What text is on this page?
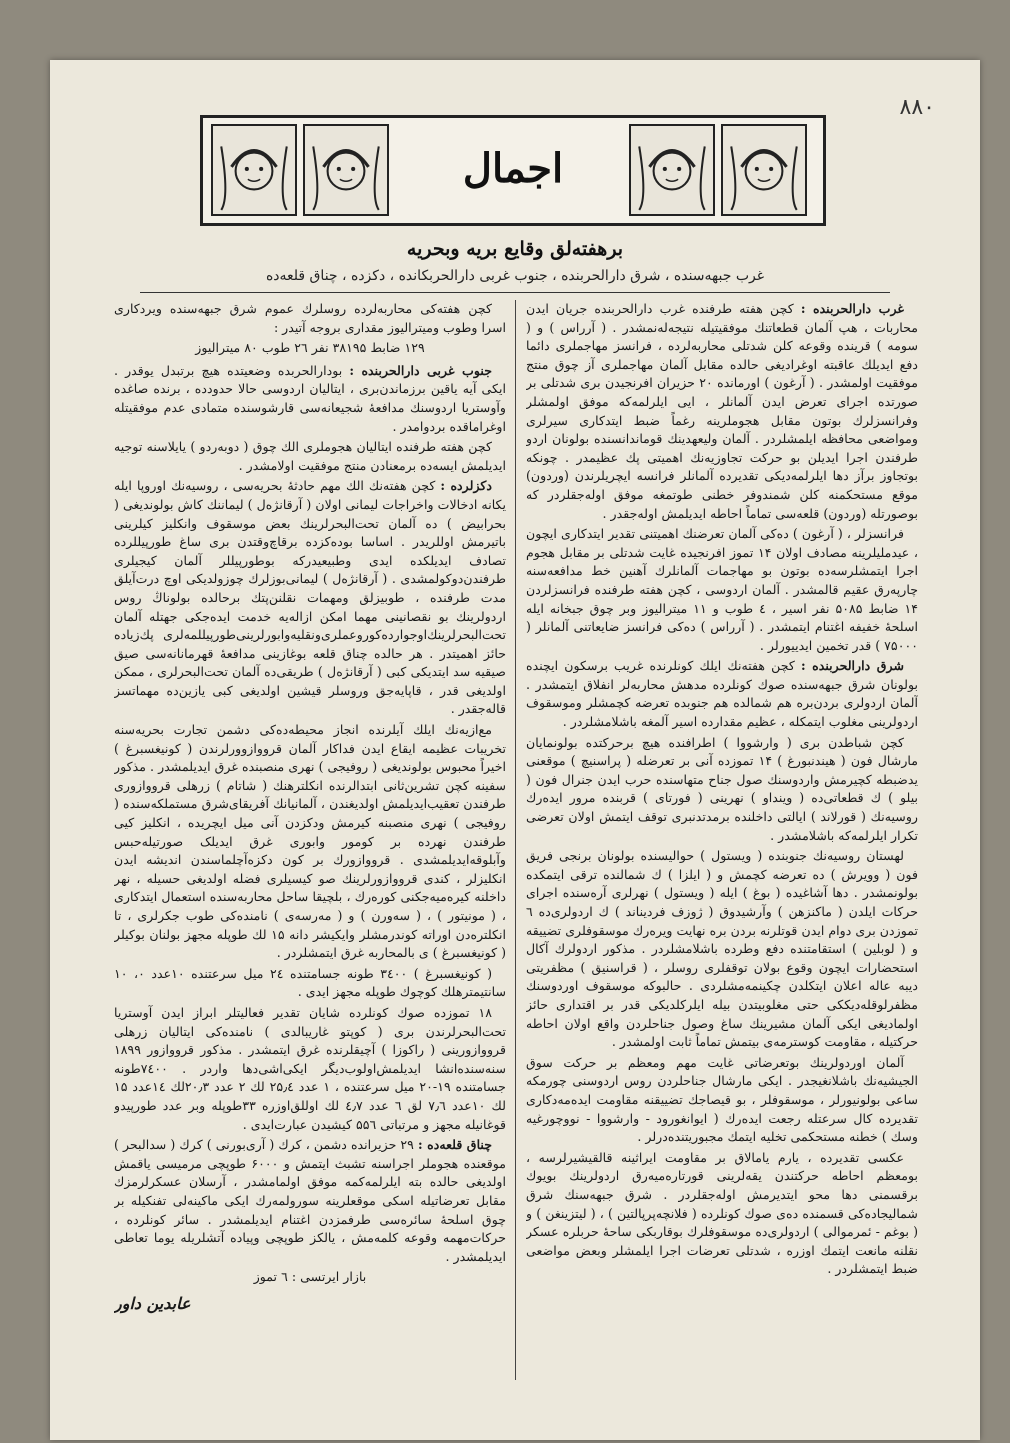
۸۸۰
اجمال
برهفته‌لق وقایع بریه وبحریه
غرب جبهه‌سنده ، شرق دارالحربنده ، جنوب غربی دارالحربکانده ، دکزده ، چناق قلعه‌ده

غرب دارالحربنده : کچن هفته طرفنده غرب دارالحربنده جریان ایدن محاربات ، هپ آلمان قطعاتنك موفقیتیله نتیجه‌له‌نمشدر . ( آرراس ) و ( سومه ) قرینده وقوعه کلن شدتلی محاربه‌لرده ، فرانسز مهاجملری دائما دفع ایدیلك عاقبته اوغرادیغی حالده مقابل آلمان مهاجملری آز چوق منتج موفقیت اولمشدر . ( آرغون ) اورمانده ۲۰ حزیران افرنجیدن بری شدتلی بر صورتده اجرای تعرض ایدن آلمانلر ، ایی ایلرلمه‌که موفق اولمشلر وفرانسزلرك بوتون مقابل هجوملرینه رغماً ضبط ایتدکاری سیرلری ومواضعی محافظه ایلمشلردر . آلمان ولیعهدینك قوماندانسنده بولونان اردو طرفندن اجرا ایدیلن بو حرکت تجاوزیه‌نك اهمیتی پك عظیمدر . چونکه بوتجاوز برآز دها ایلرلمه‌دیکی تقدیرده آلمانلر فرانسه ایچریلرندن (وردون) موقع مستحکمنه کلن شمندوفر خطنی طوتمغه موفق اوله‌جقلردر که بوصورتله (وردون) قلعه‌سی تماماً احاطه ایدیلمش اوله‌جقدر .

فرانسزلر ، ( آرغون ) ده‌کی آلمان تعرضنك اهمیتنی تقدیر ایتدکاری ایچون ، عیدملیلرینه مصادف اولان ۱۴ تموز افرنجیده غایت شدتلی بر مقابل هجوم اجرا ایتمشلرسه‌ده بوتون بو مهاجمات آلمانلرك آهنین خط مدافعه‌سنه چارپه‌رق عقیم قالمشدر . آلمان اردوسی ، کچن هفته طرفنده فرانسزلردن ۱۴ ضابط ۵۰۸۵ نفر اسیر ، ٤ طوب و ۱۱ میترالیوز وبر چوق جبخانه ایله اسلحهٔ خفیفه اغتنام ایتمشدر . ( آرراس ) ده‌کی فرانسز ضایعاتنی آلمانلر ( ۷۵۰۰۰ ) قدر تخمین ایدییورلر .

شرق دارالحربنده : کچن هفته‌نك ایلك کونلرنده غریب برسکون ایچنده بولونان شرق جبهه‌سنده صوك کونلرده مدهش محاربه‌لر انفلاق ایتمشدر . آلمان اردولری بردن‌بره هم شمالده هم جنوبده تعرضه کچمشلر وموسقوف اردولرینی مغلوب ایتمکله ، عظیم مقدارده اسیر آلمغه باشلامشلردر .

کچن شباطدن بری ( وارشووا ) اطرافنده هیچ برحرکتده بولونمایان مارشال فون ( هیندنبورغ ) ۱۴ تموزده آنی بر تعرضله ( پراسنیچ ) موقعنی یدضبطه کچیرمش واردوسنك صول جناح متهاسنده حرب ایدن جنرال فون ( بیلو ) ك قطعاتی‌ده ( وینداو ) نهرینی ( فورتای ) قربنده مرور ایده‌رك روسیه‌نك ( قورلاند ) ایالتی داخلنده برمدتدنبری توقف ایتمش اولان تعرضی تکرار ایلرلمه‌که باشلامشدر .

لهستان روسیه‌نك جنوبنده ( ویستول ) حوالیسنده بولونان برنجی فریق فون ( وویرش ) ده تعرضه کچمش و ( ایلزا ) ك شمالنده ترقی ایتمکده بولونمشدر . دها آشاغیده ( بوغ ) ایله ( ویستول ) نهرلری آره‌سنده اجرای حرکات ایلدن ( ماکنزهن ) وآرشیدوق ( ژوزف فردیناند ) ك اردولری‌ده ٦ تموزدن بری دوام ایدن قوتلرنه بردن بره نهایت ویره‌رك موسقوفلری تضییقه و ( لوبلین ) استقامتنده دفع وطرده باشلامشلردر . مذکور اردولرك آکال استحضارات ایچون وقوع بولان توقفلری روسلر ، ( قراسنیق ) مظفریتی دیبه عاله اعلان ایتکلدن چکینمه‌مشلردی . حالبوکه موسقوف اوردوسنك مظفرلوقله‌دیكکی حتی مغلوبیتدن بیله ایلرکلدیکی قدر بر اقتداری حائز اولمادیغی ایکی آلمان مشیرینك ساغ وصول جناحلردن واقع اولان احاطه حرکتیله ، مقاومت کوسترمه‌ی بیتمش تماماً ثابت اولمشدر .

آلمان اوردولرینك بوتعرضاتی غایت مهم ومعظم بر حرکت سوق الجیشیه‌نك باشلانغیجدر . ایکی مارشال جناحلردن روس اردوسنی چورمکه ساعی بولونیورلر ، موسقوفلر ، بو قیصاجك تضییقنه مقاومت ایده‌مه‌دکاری تقدیرده کال سرعتله رجعت ایده‌رك ( ایوانغورود - وارشووا - نووچورغیه وسك ) خطنه مستحکمی تخلیه ایتمك مجبوریتنده‌درلر .

عکسی تقدیرده ، یارم یامالاق بر مقاومت ایراثینه قالقیشیرلرسه ، بومعظم احاطه حرکتندن یقه‌لرینی قورتاره‌میه‌رق اردولرینك بویوك برقسمنی دها محو ایتدیرمش اوله‌جقلردر . شرق جبهه‌سنك شرق شمالیجاده‌کی قسمنده ده‌ی صوك کونلرده ( فلانچه‌پرپالتین ) ، ( لیتزینغن ) و ( بوغم - ئمرموالی ) اردولری‌ده موسقوفلرك بوقاربکی ساحهٔ حربلره عسکر نقلنه مانعت ایتمك اوزره ، شدتلی تعرضات اجرا ایلمشلر وبعض مواضعی ضبط ایتمشلردر .

کچن هفته‌کی محاربه‌لرده روسلرك عموم شرق جبهه‌سنده ویردکاری اسرا وطوب ومیترالیوز مقداری بروجه آتیدر :

۱۲۹ ضابط ۳۸۱۹۵ نفر ۲٦ طوب ۸۰ میترالیوز

جنوب غربی دارالحربنده : بودارالحربده وضعیتده هیچ برتبدل یوقدر . ایکی آیه یاقین برزماندن‌بری ، ایتالیان اردوسی حالا حدودده ، برنده صاغده وآوستریا اردوسنك مدافعهٔ شجیعانه‌سی قارشوسنده متمادی عدم موفقیتله اوغراماقده بردوامدر .

کچن هفته طرفنده ایتالیان هجوملری الك چوق ( دوبه‌ردو ) یایلاسنه توجیه ایدیلمش ایسه‌ده برمعنادن منتج موفقیت اولامشدر .

دکزلرده : کچن هفته‌نك الك مهم حادثهٔ بحریه‌سی ، روسیه‌نك اوروپا ایله یکانه ادخالات واخراجات لیمانی اولان ( آرقانژه‌ل ) لیماننك کاش بولوندیغی ( بحرابیض ) ده آلمان تحت‌البحرلرینك بعض موسقوف وانکلیز کیلرینی باتیرمش اوللریدر . اساسا بوده‌کزده برقاچ‌وقتدن بری ساغ طورپیللرده تصادف ایدیلکده ایدی وطبیعیدرکه بوطورپیللر آلمان کیجیلری طرفندن‌دوکولمشدی . ( آرقانژه‌ل ) لیمانی‌بوزلرك چوزولدیکی اوچ درت‌آیلق مدت طرفنده ، طوبیزلق ومهمات نقلنن‌پتك برحالده بولوناڭ روس اردولرینك بو نقصانینی مهما امکن ازاله‌یه خدمت ایده‌جکی جهتله آلمان تحت‌البحرلرینك‌اوجوارده‌کوروعملری‌ونقلیه‌وابورلرینی‌طورپیللمه‌لری پك‌زیاده حائز اهمیتدر . هر حالده چناق قلعه بوغازینی مدافعهٔ قهرمانانه‌سی صیق صیقیه سد ایتدیکی کبی ( آرقانژه‌ل ) طریقی‌ده آلمان تحت‌البحرلری ، ممکن اولدیغی قدر ، قاپایه‌جق وروسلر قیشین اولدیغی کبی یازین‌ده مهماتسز قاله‌جقدر .

مع‌ازیه‌نك ایلك آیلرنده انجاز محیطه‌ده‌کی دشمن تجارت بحریه‌سنه تخریبات عظیمه ایقاع ایدن فداکار آلمان قرووازوورلرندن ( کونیغسبرغ ) اخیراً محبوس بولوندیغی ( روفیجی ) نهری منصبنده غرق ایدیلمشدر . مذکور سفینه کچن تشرین‌ثانی ابتدالرنده انکلترهنك ( شاتام ) زرهلی قرووازوری طرفندن تعقیب‌ایدیلمش اولدیغندن ، آلمانیانك آفریقای‌شرق مستملکه‌سنده ( روفیجی ) نهری منصبنه کیرمش ودکزدن آنی میل ایچریده ، انکلیز کیی طرفندن نهرده بر کومور وابوری غرق ایدیلک صورتیله‌حبس وآبلوقه‌ایدیلمشدی . قرووازورك بر کون دکزه‌آچلماسندن اندیشه ایدن انکلیزلر ، کندی قرووازورلرینك صو کیسیلری فضله اولدیغی حسیله ، نهر داخلنه کیره‌میه‌جکنی کوره‌رك ، بلچیقا ساحل محاربه‌سنده استعمال ایتدکاری ، ( مونیتور ) ، ( سه‌ورن ) و ( مه‌رسه‌ی ) نامنده‌کی طوب جکرلری ، تا انکلتره‌دن اوراته کوندرمشلر وایکیشر دانه ۱۵ لك طوپله مجهز بولنان بوکیلر ( کونیغسبرغ ) ی بالمحاربه غرق ایتمشلردر .

( کونیغسبرغ ) ۳٤۰۰ طونه جسامتنده ۲٤ میل سرعتنده ۱۰عدد ۰، ۱۰ سانتیمترهلك کوچوك طوپله مجهز ایدی .

۱۸ تموزده صوك کونلرده شایان تقدیر فعالیتلر ابراز ایدن آوستریا تحت‌البحرلرندن بری ( کوپتو غاریبالدی ) نامنده‌کی ایتالیان زرهلی قرووازورینی ( راکوزا ) آچیقلرنده غرق ایتمشدر . مذکور قرووازور ۱۸۹۹ سنه‌سنده‌انشا ایدیلمش‌اولوب‌دیگر ایکی‌اشی‌دها واردر . ۷٤۰۰طونه جسامتنده ۱۹-۲۰ میل سرعتنده ، ۱ عدد ۲۵٫٤ لك ۲ عدد ۲۰٫۳لك ۱٤عدد ۱۵ لك ۱۰عدد ۷٫٦ لق ٦ عدد ٤٫۷ لك اوللق‌اوزره ۳۳طوپله وبر عدد طورپیدو قوغانیله مجهز و مرتباتی ۵۵٦ کیشیدن عبارت‌ایدی .

چناق قلعه‌ده : ۲۹ حزیرانده دشمن ، کرك ( آری‌بورنی ) کرك ( سدالبحر ) موقعنده هجوملر اجراسنه تشبث ایتمش و ۶۰۰۰ طوپچی مرمیسی یاقمش اولدیغی حالده بته ایلرلمه‌کمه موفق اولمامشدر ، آرسلان عسکرلرمزك مقابل تعرضاتیله اسکی موقعلرینه سورولمه‌رك ایکی ماکینه‌لی تفنکیله بر چوق اسلحهٔ سائره‌سی طرفمزدن اغتنام ایدیلمشدر . سائر کونلرده ، حرکات‌مهمه وقوعه کلمه‌مش ، یالکز طوپچی وپیاده آتشلریله یوما تعاطی ایدیلمشدر .

بازار ایرتسی : ٦ تموز

عابدین داور
